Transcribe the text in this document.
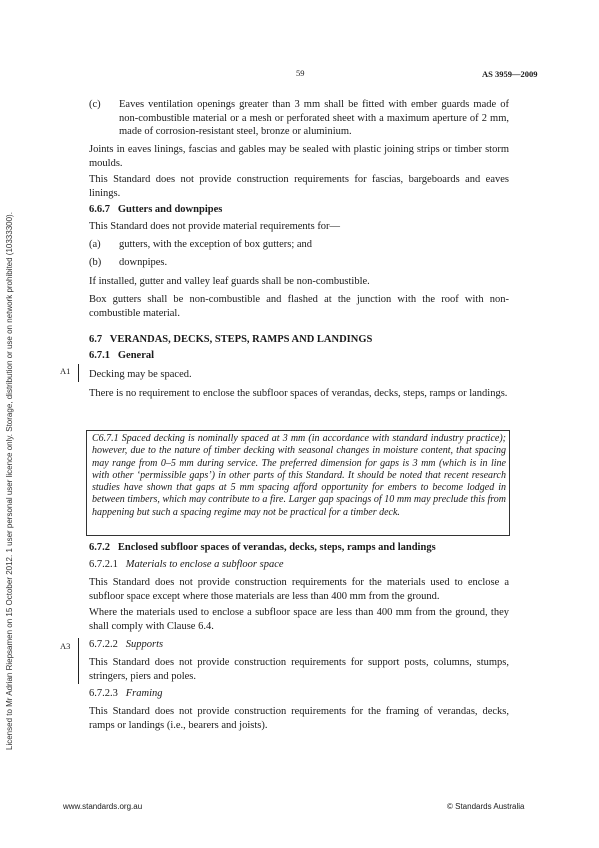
59	AS 3959—2009
Licensed to Mr Adrian Riepsamen on 15 October 2012. 1 user personal user licence only. Storage, distribution or use on network prohibited (10333300).

(c) Eaves ventilation openings greater than 3 mm shall be fitted with ember guards made of non-combustible material or a mesh or perforated sheet with a maximum aperture of 2 mm, made of corrosion-resistant steel, bronze or aluminium.

Joints in eaves linings, fascias and gables may be sealed with plastic joining strips or timber storm moulds.

This Standard does not provide construction requirements for fascias, bargeboards and eaves linings.

6.6.7   Gutters and downpipes

This Standard does not provide material requirements for—

(a) gutters, with the exception of box gutters; and

(b) downpipes.

If installed, gutter and valley leaf guards shall be non-combustible.

Box gutters shall be non-combustible and flashed at the junction with the roof with non-combustible material.

6.7   VERANDAS, DECKS, STEPS, RAMPS AND LANDINGS

6.7.1   General

A1 Decking may be spaced.

There is no requirement to enclose the subfloor spaces of verandas, decks, steps, ramps or landings.

C6.7.1 Spaced decking is nominally spaced at 3 mm (in accordance with standard industry practice); however, due to the nature of timber decking with seasonal changes in moisture content, that spacing may range from 0–5 mm during service. The preferred dimension for gaps is 3 mm (which is in line with other ‘permissible gaps’) in other parts of this Standard. It should be noted that recent research studies have shown that gaps at 5 mm spacing afford opportunity for embers to become lodged in between timbers, which may contribute to a fire. Larger gap spacings of 10 mm may preclude this from happening but such a spacing regime may not be practical for a timber deck.

6.7.2   Enclosed subfloor spaces of verandas, decks, steps, ramps and landings

6.7.2.1 Materials to enclose a subfloor space

This Standard does not provide construction requirements for the materials used to enclose a subfloor space except where those materials are less than 400 mm from the ground.

Where the materials used to enclose a subfloor space are less than 400 mm from the ground, they shall comply with Clause 6.4.

A3 6.7.2.2 Supports

This Standard does not provide construction requirements for support posts, columns, stumps, stringers, piers and poles.

6.7.2.3 Framing

This Standard does not provide construction requirements for the framing of verandas, decks, ramps or landings (i.e., bearers and joists).

www.standards.org.au	© Standards Australia
